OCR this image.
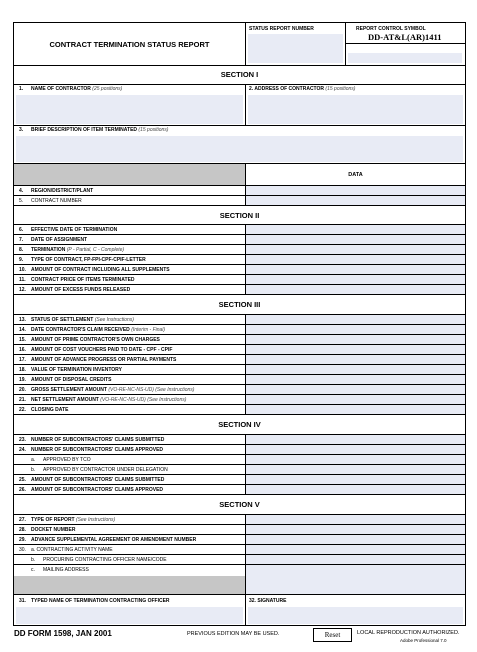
CONTRACT TERMINATION STATUS REPORT
STATUS REPORT NUMBER	REPORT CONTROL SYMBOL
DD-AT&L(AR)1411
SECTION I
1. NAME OF CONTRACTOR (25 positions)	2. ADDRESS OF CONTRACTOR (15 positions)
3. BRIEF DESCRIPTION OF ITEM TERMINATED (15 positions)
DATA
4. REGION/DISTRICT/PLANT
5. CONTRACT NUMBER
SECTION II
6. EFFECTIVE DATE OF TERMINATION
7. DATE OF ASSIGNMENT
8. TERMINATION (P - Partial, C - Complete)
9. TYPE OF CONTRACT, FP-FPI-CPF-CPIF-LETTER
10. AMOUNT OF CONTRACT INCLUDING ALL SUPPLEMENTS
11. CONTRACT PRICE OF ITEMS TERMINATED
12. AMOUNT OF EXCESS FUNDS RELEASED
SECTION III
13. STATUS OF SETTLEMENT (See Instructions)
14. DATE CONTRACTOR'S CLAIM RECEIVED (Interim - Final)
15. AMOUNT OF PRIME CONTRACTOR'S OWN CHARGES
16. AMOUNT OF COST VOUCHERS PAID TO DATE - CPF - CPIF
17. AMOUNT OF ADVANCE PROGRESS OR PARTIAL PAYMENTS
18. VALUE OF TERMINATION INVENTORY
19. AMOUNT OF DISPOSAL CREDITS
20. GROSS SETTLEMENT AMOUNT (VO-RE-NC-NS-UD) (See Instructions)
21. NET SETTLEMENT AMOUNT (VO-RE-NC-NS-UD) (See Instructions)
22. CLOSING DATE
SECTION IV
23. NUMBER OF SUBCONTRACTORS' CLAIMS SUBMITTED
24. NUMBER OF SUBCONTRACTORS' CLAIMS APPROVED
a. APPROVED BY TCO
b. APPROVED BY CONTRACTOR UNDER DELEGATION
25. AMOUNT OF SUBCONTRACTORS' CLAIMS SUBMITTED
26. AMOUNT OF SUBCONTRACTORS' CLAIMS APPROVED
SECTION V
27. TYPE OF REPORT (See Instructions)
28. DOCKET NUMBER
29. ADVANCE SUPPLEMENTAL AGREEMENT OR AMENDMENT NUMBER
30. a. CONTRACTING ACTIVITY NAME
b. PROCURING CONTRACTING OFFICER NAME/CODE
c. MAILING ADDRESS
31. TYPED NAME OF TERMINATION CONTRACTING OFFICER	32. SIGNATURE
DD FORM 1598, JAN 2001	PREVIOUS EDITION MAY BE USED.	Reset	LOCAL REPRODUCTION AUTHORIZED.
Adobe Professional 7.0
